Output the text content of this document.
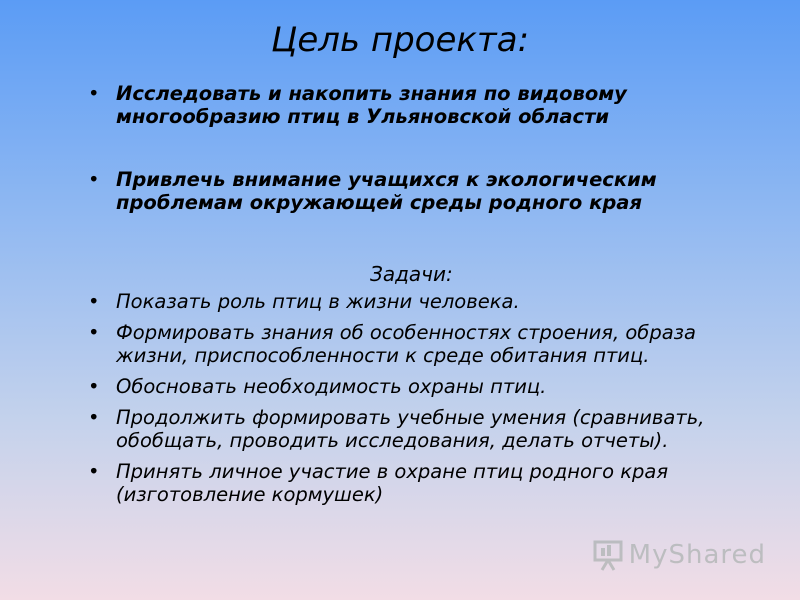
Цель проекта:
• Исследовать и накопить знания по видовому многообразию птиц в Ульяновской области
• Привлечь внимание учащихся к экологическим проблемам окружающей среды родного края
Задачи:
• Показать роль птиц в жизни человека.
• Формировать знания об особенностях строения, образа жизни, приспособленности к среде обитания птиц.
• Обосновать необходимость охраны птиц.
• Продолжить формировать учебные умения (сравнивать, обобщать, проводить исследования, делать отчеты).
• Принять личное участие в охране птиц родного края (изготовление кормушек)
MyShared
